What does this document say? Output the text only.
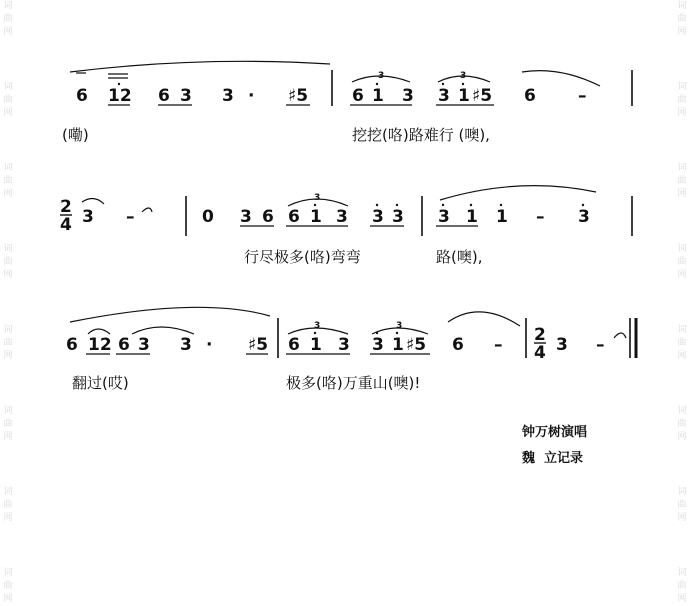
词曲网
词曲网
词曲网
词曲网
词曲网
词曲网
词曲网
词曲网
词曲网
词曲网
词曲网
词曲网
词曲网
词曲网
词曲网
词曲网
6 12 6 3 3 · ♯5
3
6 1 3
3
3 1 ♯5 6 –
(嘞)	挖挖(咯)路难行 (噢),
2
4 3 –	0 3 6
3
6 1 3 3 3 3 1 1 – 3
行尽极多(咯)弯弯	路(噢),
6 12 6 3 3 · ♯5
3
6 1 3
3
3 1 ♯5 6 – 2
4 3 –
翻过(哎)	极多(咯)万重山(噢)!
钟万树演唱
魏  立记录
